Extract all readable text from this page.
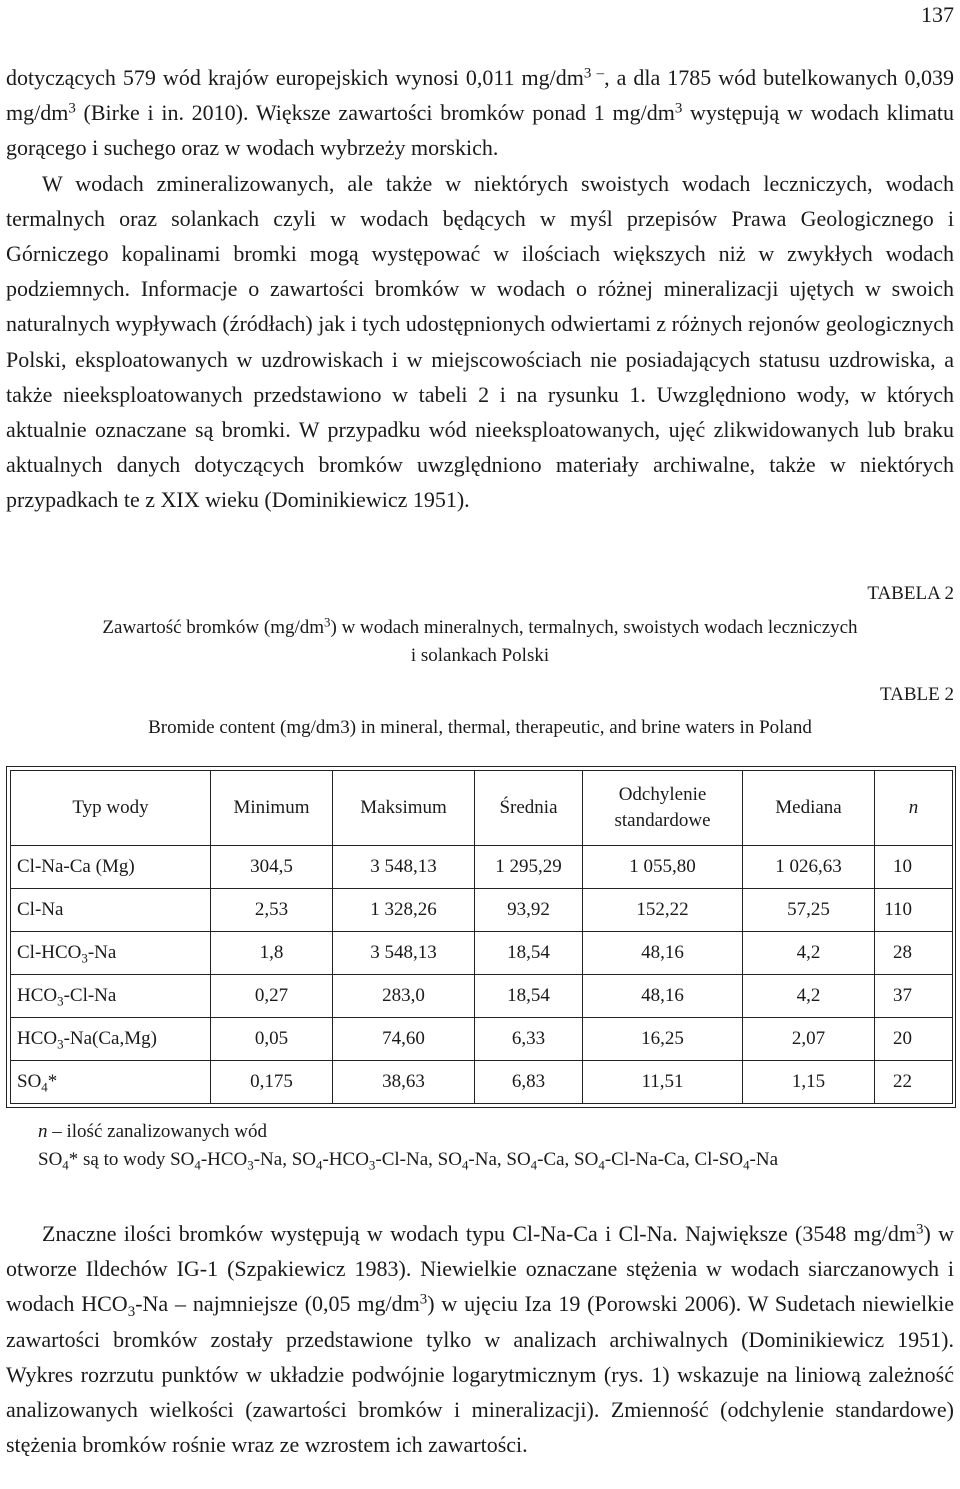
137

dotyczących 579 wód krajów europejskich wynosi 0,011 $mg/dm^{3 -}$, a dla 1785 wód butelkowanych 0,039 $mg/dm^3$ (Birke i in. 2010). Większe zawartości bromków ponad 1 $mg/dm^3$ występują w wodach klimatu gorącego i suchego oraz w wodach wybrzeży morskich.
W wodach zmineralizowanych, ale także w niektórych swoistych wodach leczniczych, wodach termalnych oraz solankach czyli w wodach będących w myśl przepisów Prawa Geologicznego i Górniczego kopalinami bromki mogą występować w ilościach większych niż w zwykłych wodach podziemnych. Informacje o zawartości bromków w wodach o różnej mineralizacji ujętych w swoich naturalnych wypływach (źródłach) jak i tych udostępnionych odwiertami z różnych rejonów geologicznych Polski, eksploatowanych w uzdrowiskach i w miejscowościach nie posiadających statusu uzdrowiska, a także nieeksploatowanych przedstawiono w tabeli 2 i na rysunku 1. Uwzględniono wody, w których aktualnie oznaczane są bromki. W przypadku wód nieeksploatowanych, ujęć zlikwidowanych lub braku aktualnych danych dotyczących bromków uwzględniono materiały archiwalne, także w niektórych przypadkach te z XIX wieku (Dominikiewicz 1951).

TABELA 2
Zawartość bromków $(mg/dm^3)$ w wodach mineralnych, termalnych, swoistych wodach leczniczych
i solankach Polski
TABLE 2
Bromide content (mg/dm3) in mineral, thermal, therapeutic, and brine waters in Poland
Typ wody	Minimum	Maksimum	Średnia	Odchylenie
standardowe	Mediana	n
Cl-Na-Ca (Mg)	304,5	3 548,13	1 295,29	1 055,80	1 026,63	10
Cl-Na	2,53	1 328,26	93,92	152,22	57,25	110
$Cl-HCO_3-Na$	1,8	3 548,13	18,54	48,16	4,2	28
$HCO_3-Cl-Na$	0,27	283,0	18,54	48,16	4,2	37
$HCO_3-Na(Ca,Mg)$	0,05	74,60	6,33	16,25	2,07	20
$SO_4*$	0,175	38,63	6,83	11,51	1,15	22
n – ilość zanalizowanych wód
$SO_4*$ są to wody $SO_4-HCO_3-Na$, $SO_4-HCO_3-Cl-Na$, $SO_4-Na$, $SO_4-Ca$, $SO_4-Cl-Na-Ca$, $Cl-SO_4-Na$

Znaczne ilości bromków występują w wodach typu Cl-Na-Ca i Cl-Na. Największe (3548 $mg/dm^3$) w otworze Ildechów IG-1 (Szpakiewicz 1983). Niewielkie oznaczane stężenia w wodach siarczanowych i wodach $HCO_3-Na$ – najmniejsze (0,05 $mg/dm^3$) w ujęciu Iza 19 (Porowski 2006). W Sudetach niewielkie zawartości bromków zostały przedstawione tylko w analizach archiwalnych (Dominikiewicz 1951). Wykres rozrzutu punktów w układzie podwójnie logarytmicznym (rys. 1) wskazuje na liniową zależność analizowanych wielkości (zawartości bromków i mineralizacji). Zmienność (odchylenie standardowe) stężenia bromków rośnie wraz ze wzrostem ich zawartości.
